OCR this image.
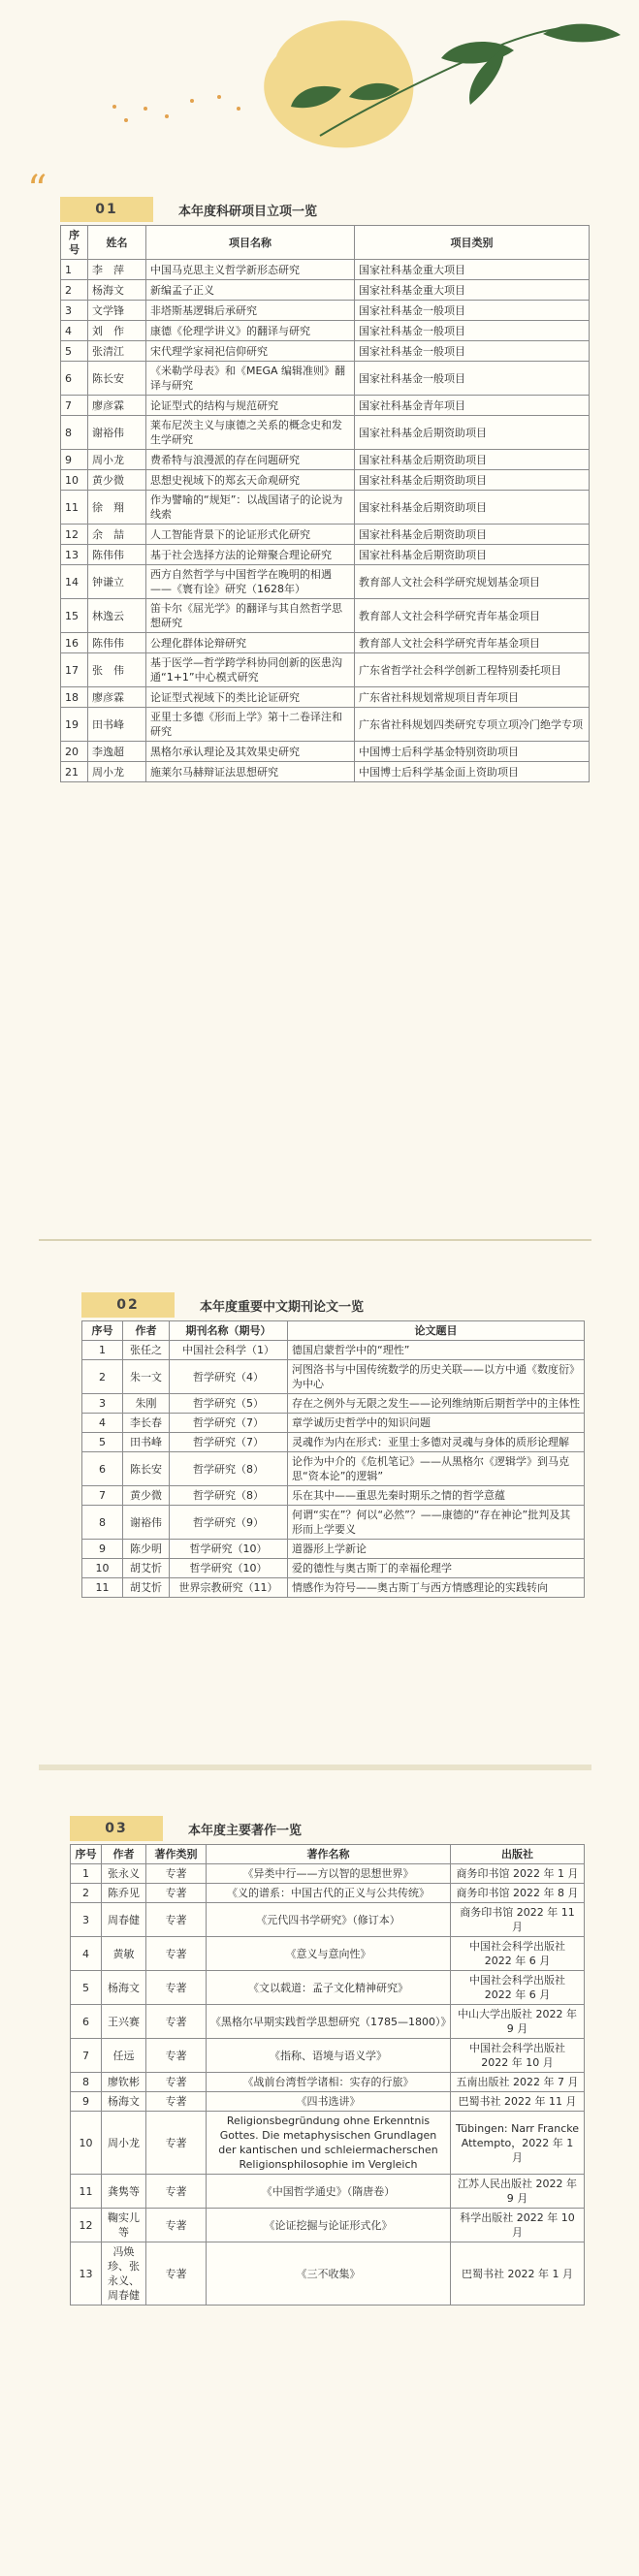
“	01	本年度科研项目立项一览
序号	姓名	项目名称	项目类别
1	李　萍	中国马克思主义哲学新形态研究	国家社科基金重大项目
2	杨海文	新编孟子正义	国家社科基金重大项目
3	文学锋	非塔斯基逻辑后承研究	国家社科基金一般项目
4	刘　作	康德《伦理学讲义》的翻译与研究	国家社科基金一般项目
5	张清江	宋代理学家祠祀信仰研究	国家社科基金一般项目
6	陈长安	《米勒学母表》和《MEGA 编辑准则》翻译与研究	国家社科基金一般项目
7	廖彦霖	论证型式的结构与规范研究	国家社科基金青年项目
8	谢裕伟	莱布尼茨主义与康德之关系的概念史和发生学研究	国家社科基金后期资助项目
9	周小龙	费希特与浪漫派的存在问题研究	国家社科基金后期资助项目
10	黄少微	思想史视域下的郑玄天命观研究	国家社科基金后期资助项目
11	徐　翔	作为譬喻的“规矩”：以战国诸子的论说为线索	国家社科基金后期资助项目
12	余　喆	人工智能背景下的论证形式化研究	国家社科基金后期资助项目
13	陈伟伟	基于社会选择方法的论辩聚合理论研究	国家社科基金后期资助项目
14	钟谦立	西方自然哲学与中国哲学在晚明的相遇——《寰有诠》研究（1628年）	教育部人文社会科学研究规划基金项目
15	林逸云	笛卡尔《屈光学》的翻译与其自然哲学思想研究	教育部人文社会科学研究青年基金项目
16	陈伟伟	公理化群体论辩研究	教育部人文社会科学研究青年基金项目
17	张　伟	基于医学—哲学跨学科协同创新的医患沟通“1+1”中心模式研究	广东省哲学社会科学创新工程特别委托项目
18	廖彦霖	论证型式视域下的类比论证研究	广东省社科规划常规项目青年项目
19	田书峰	亚里士多德《形而上学》第十二卷译注和研究	广东省社科规划四类研究专项立项冷门绝学专项
20	李逸超	黑格尔承认理论及其效果史研究	中国博士后科学基金特别资助项目
21	周小龙	施莱尔马赫辩证法思想研究	中国博士后科学基金面上资助项目
02	本年度重要中文期刊论文一览
序号	作者	期刊名称（期号）	论文题目
1	张任之	中国社会科学（1）	德国启蒙哲学中的“理性”
2	朱一文	哲学研究（4）	河图洛书与中国传统数学的历史关联——以方中通《数度衍》为中心
3	朱刚	哲学研究（5）	存在之例外与无限之发生——论列维纳斯后期哲学中的主体性
4	李长春	哲学研究（7）	章学诚历史哲学中的知识问题
5	田书峰	哲学研究（7）	灵魂作为内在形式：亚里士多德对灵魂与身体的质形论理解
6	陈长安	哲学研究（8）	论作为中介的《危机笔记》——从黑格尔《逻辑学》到马克思“资本论”的逻辑”
7	黄少微	哲学研究（8）	乐在其中——重思先秦时期乐之情的哲学意蕴
8	谢裕伟	哲学研究（9）	何谓“实在”？何以“必然”？——康德的“存在神论”批判及其形而上学要义
9	陈少明	哲学研究（10）	道器形上学新论
10	胡艾忻	哲学研究（10）	爱的德性与奥古斯丁的幸福伦理学
11	胡艾忻	世界宗教研究（11）	情感作为符号——奥古斯丁与西方情感理论的实践转向
03	本年度主要著作一览
序号	作者	著作类别	著作名称	出版社
1	张永义	专著	《异类中行——方以智的思想世界》	商务印书馆 2022 年 1 月
2	陈乔见	专著	《义的谱系：中国古代的正义与公共传统》	商务印书馆 2022 年 8 月
3	周春健	专著	《元代四书学研究》（修订本）	商务印书馆 2022 年 11 月
4	黄敏	专著	《意义与意向性》	中国社会科学出版社 2022 年 6 月
5	杨海文	专著	《文以载道：孟子文化精神研究》	中国社会科学出版社 2022 年 6 月
6	王兴赛	专著	《黑格尔早期实践哲学思想研究（1785—1800）》	中山大学出版社 2022 年 9 月
7	任远	专著	《指称、语境与语义学》	中国社会科学出版社 2022 年 10 月
8	廖钦彬	专著	《战前台湾哲学诸相：实存的行旅》	五南出版社 2022 年 7 月
9	杨海文	专著	《四书选讲》	巴蜀书社 2022 年 11 月
10	周小龙	专著	Religionsbegründung ohne Erkenntnis Gottes. Die metaphysischen Grundlagen der kantischen und schleiermacherschen Religionsphilosophie im Vergleich	Tübingen: Narr Francke Attempto，2022 年 1 月
11	龚隽等	专著	《中国哲学通史》（隋唐卷）	江苏人民出版社 2022 年 9 月
12	鞠实儿 等	专著	《论证挖掘与论证形式化》	科学出版社 2022 年 10 月
13	冯焕珍、张永义、周春健	专著	《三不收集》	巴蜀书社 2022 年 1 月
